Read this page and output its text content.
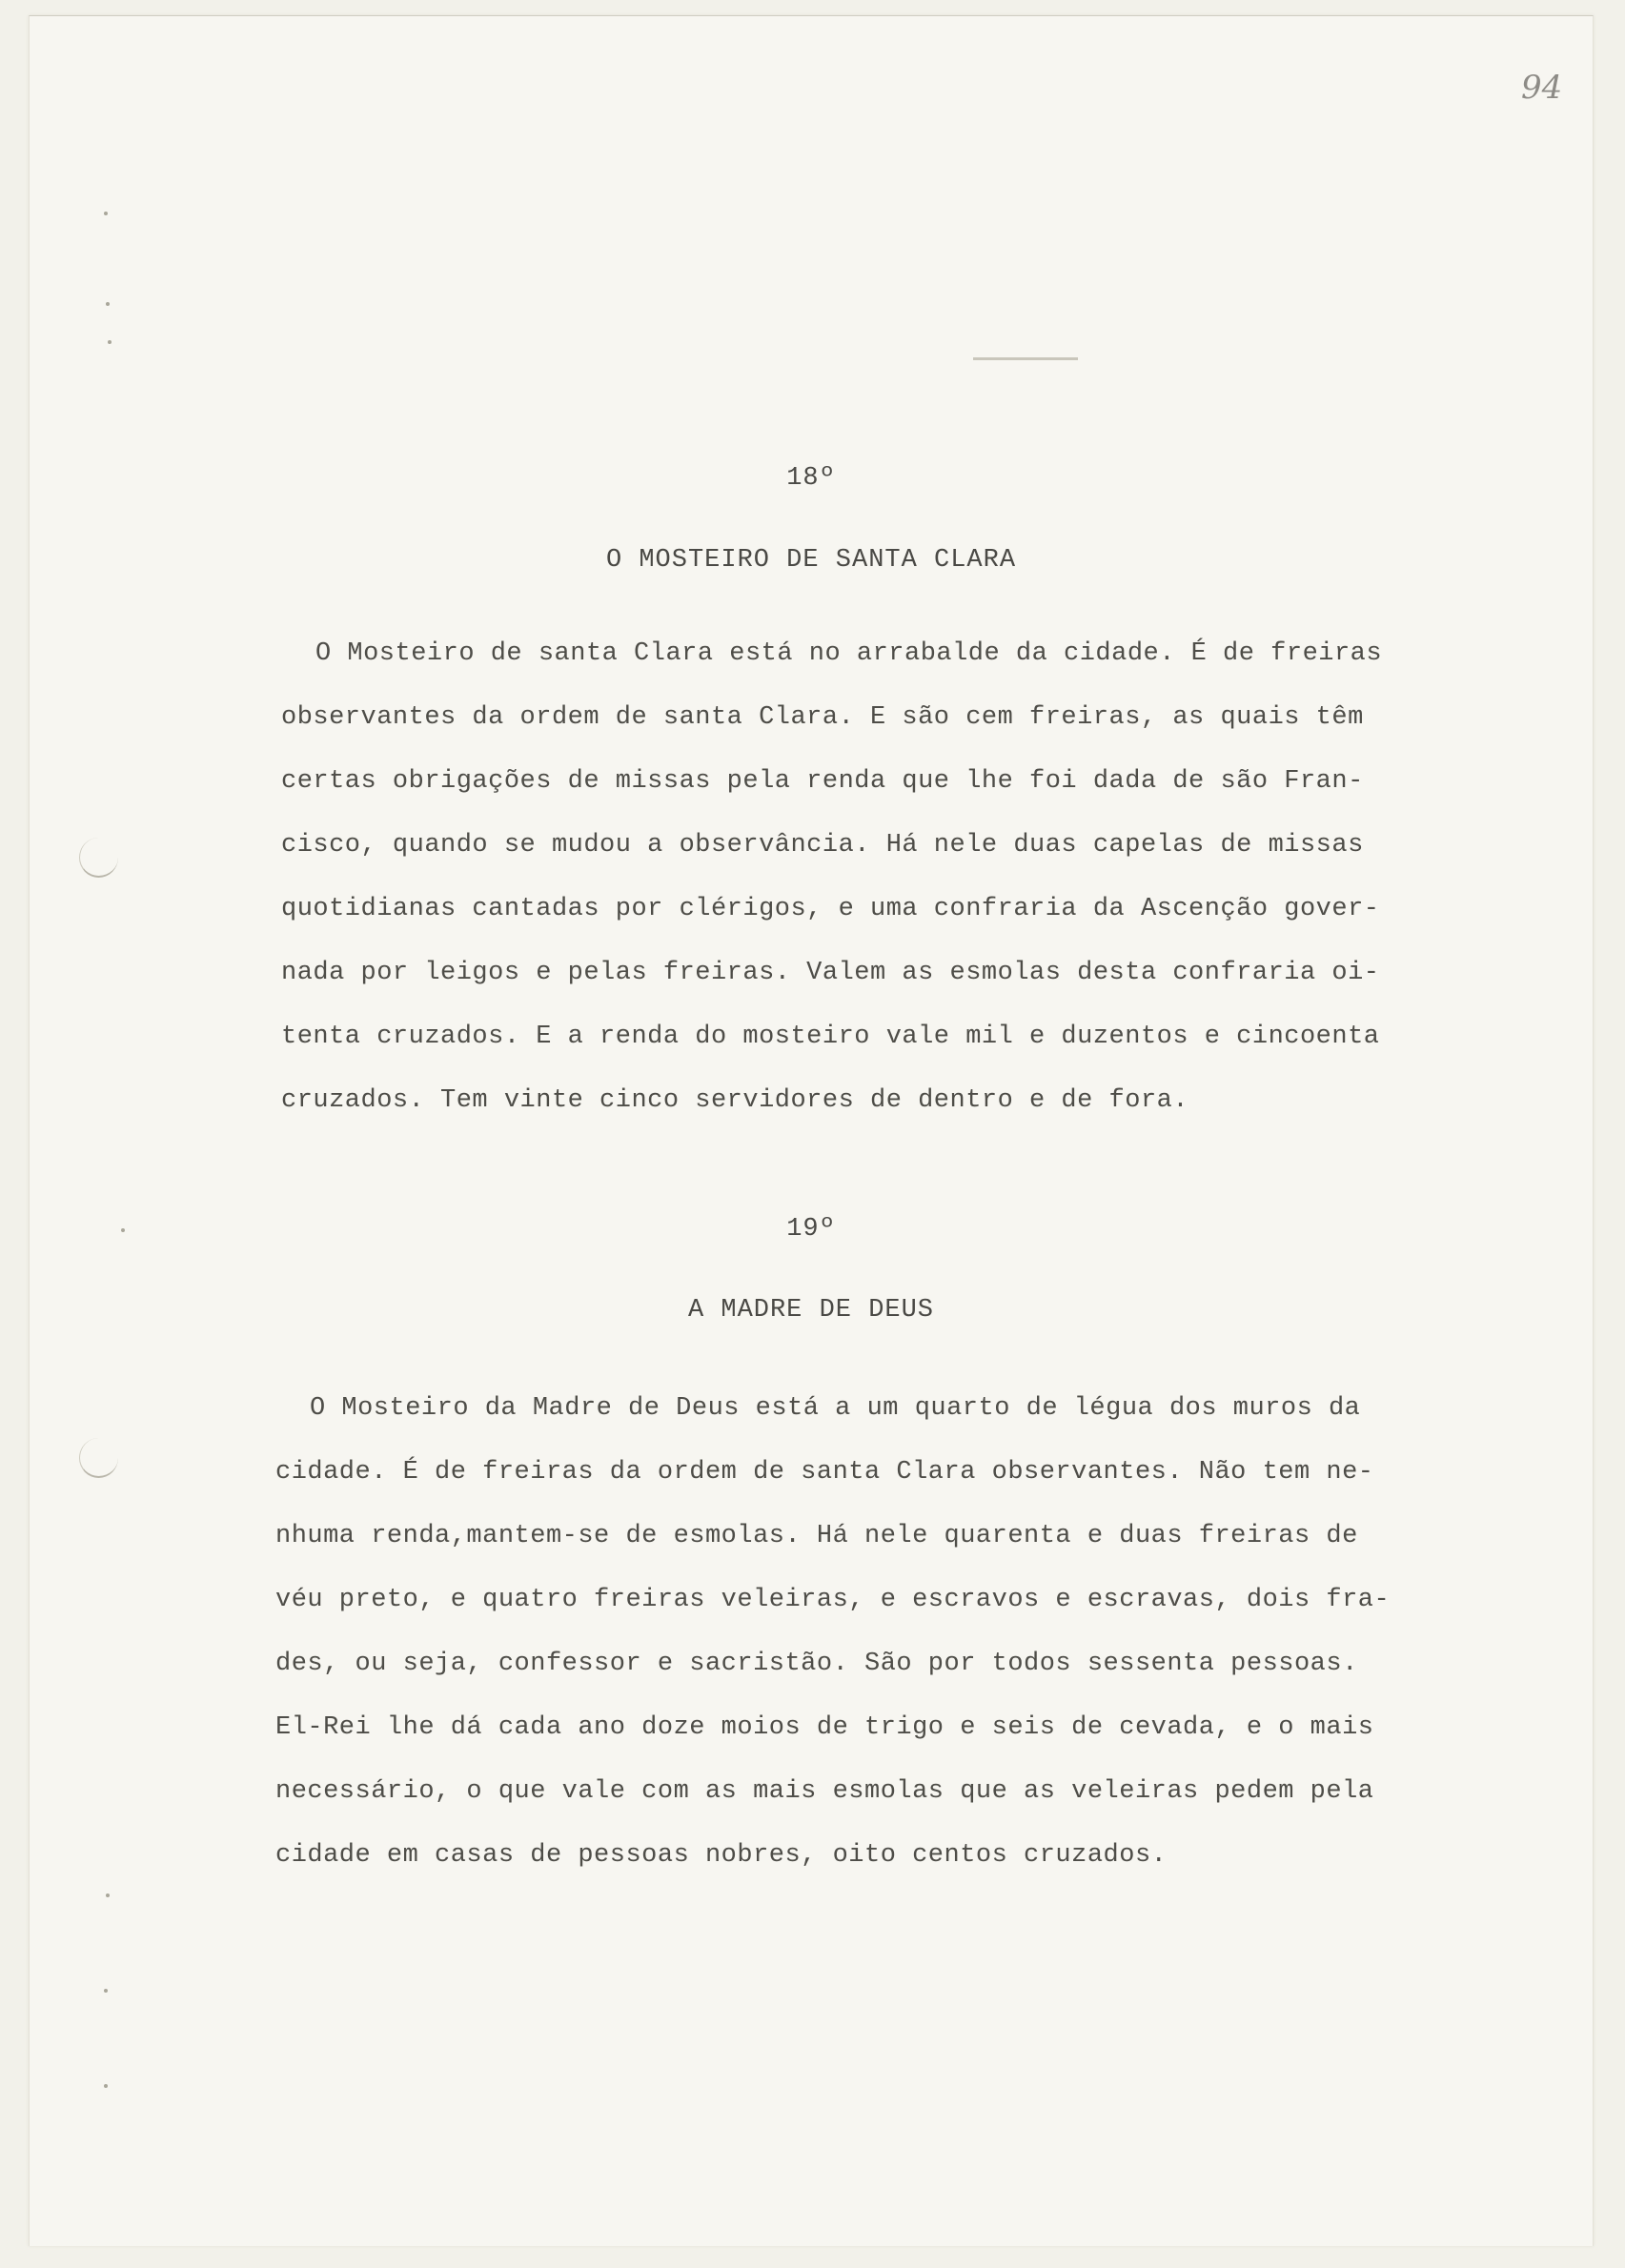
94
18º
O MOSTEIRO DE SANTA CLARA
O Mosteiro de santa Clara está no arrabalde da cidade. É de freiras
observantes da ordem de santa Clara. E são cem freiras, as quais têm
certas obrigações de missas pela renda que lhe foi dada de são Fran-
cisco, quando se mudou a observância. Há nele duas capelas de missas
quotidianas cantadas por clérigos, e uma confraria da Ascenção gover-
nada por leigos e pelas freiras. Valem as esmolas desta confraria oi-
tenta cruzados. E a renda do mosteiro vale mil e duzentos e cincoenta
cruzados. Tem vinte cinco servidores de dentro e de fora.
19º
A MADRE DE DEUS
O Mosteiro da Madre de Deus está a um quarto de légua dos muros da
cidade. É de freiras da ordem de santa Clara observantes. Não tem ne-
nhuma renda,mantem-se de esmolas. Há nele quarenta e duas freiras de
véu preto, e quatro freiras veleiras, e escravos e escravas, dois fra-
des, ou seja, confessor e sacristão. São por todos sessenta pessoas.
El-Rei lhe dá cada ano doze moios de trigo e seis de cevada, e o mais
necessário, o que vale com as mais esmolas que as veleiras pedem pela
cidade em casas de pessoas nobres, oito centos cruzados.
